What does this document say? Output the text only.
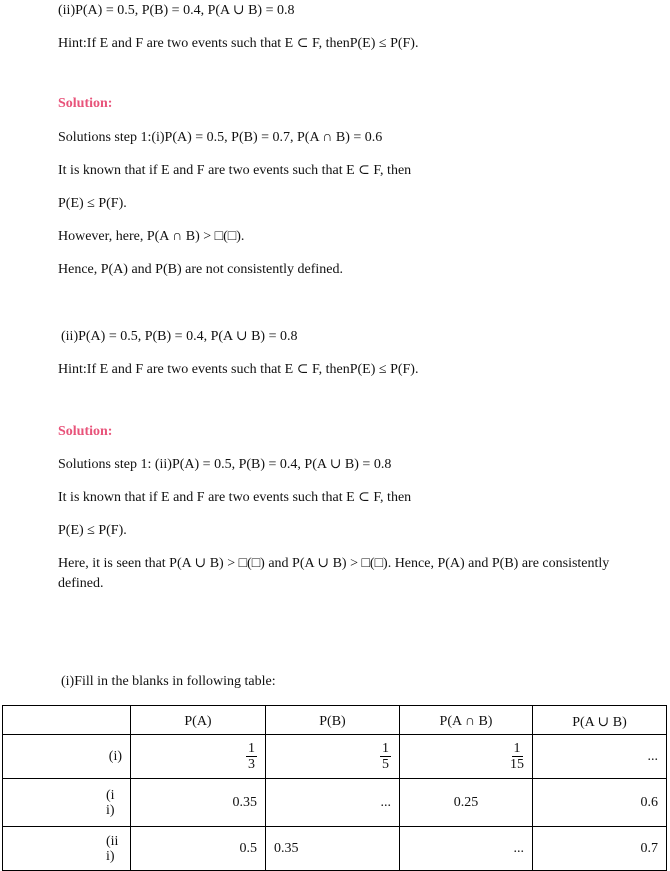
(ii)P(A) = 0.5, P(B) = 0.4, P(A ∪ B) = 0.8
Hint:If E and F are two events such that E ⊂ F, thenP(E) ≤ P(F).
Solution:
Solutions step 1:(i)P(A) = 0.5, P(B) = 0.7, P(A ∩ B) = 0.6
It is known that if E and F are two events such that E ⊂ F, then
P(E) ≤ P(F).
However, here, P(A ∩ B) > □(□).
Hence, P(A) and P(B) are not consistently defined.
(ii)P(A) = 0.5, P(B) = 0.4, P(A ∪ B) = 0.8
Hint:If E and F are two events such that E ⊂ F, thenP(E) ≤ P(F).
Solution:
Solutions step 1: (ii)P(A) = 0.5, P(B) = 0.4, P(A ∪ B) = 0.8
It is known that if E and F are two events such that E ⊂ F, then
P(E) ≤ P(F).
Here, it is seen that P(A ∪ B) > □(□) and P(A ∪ B) > □(□). Hence, P(A) and P(B) are consistently defined.
(i)Fill in the blanks in following table:
	P(A)	P(B)	P(A ∩ B)	P(A ∪ B)
(i)	$\frac{1}{3}$	$\frac{1}{5}$	$\frac{1}{15}$	...

(ii)	0.35	...	0.25	0.6

(iii)	0.5	0.35	...	0.7
